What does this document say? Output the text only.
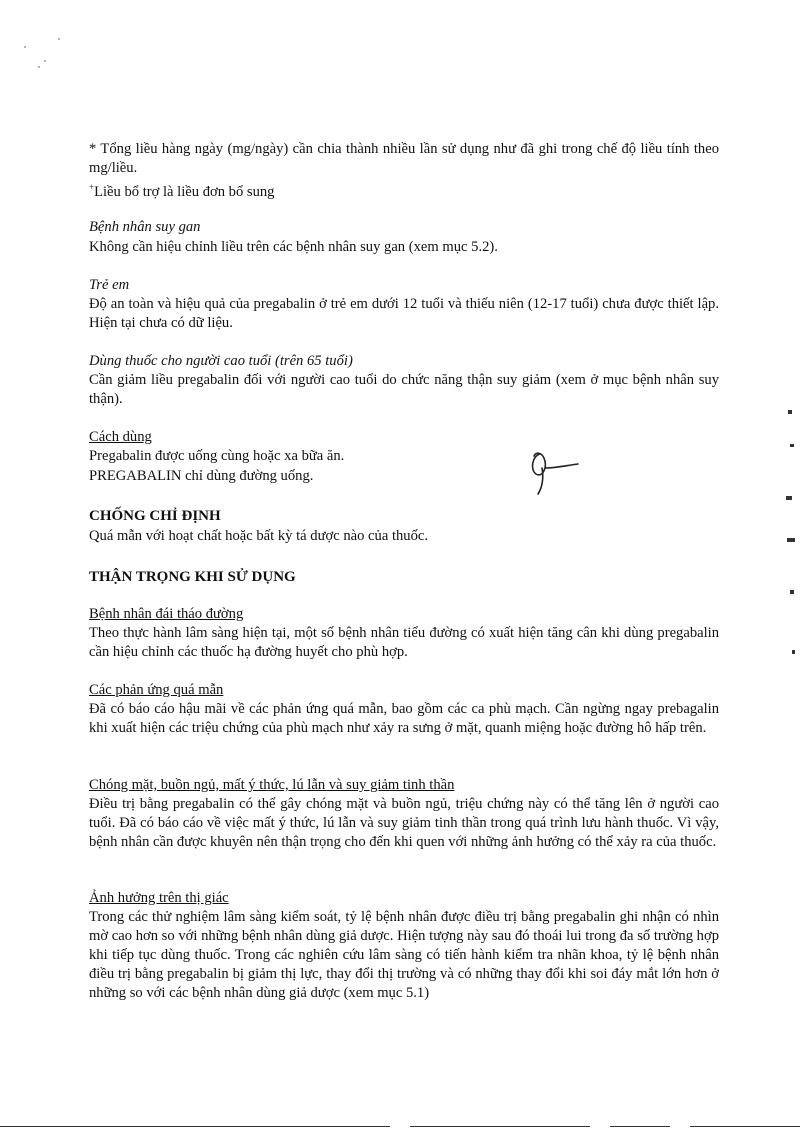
* Tổng liều hàng ngày (mg/ngày) cần chia thành nhiều lần sử dụng như đã ghi trong chế độ liều tính theo mg/liều.

+Liều bổ trợ là liều đơn bổ sung

Bệnh nhân suy gan

Không cần hiệu chỉnh liều trên các bệnh nhân suy gan (xem mục 5.2).

Trẻ em

Độ an toàn và hiệu quả của pregabalin ở trẻ em dưới 12 tuổi và thiếu niên (12-17 tuổi) chưa được thiết lập. Hiện tại chưa có dữ liệu.

Dùng thuốc cho người cao tuổi (trên 65 tuổi)

Cần giảm liều pregabalin đối với người cao tuổi do chức năng thận suy giảm (xem ở mục bệnh nhân suy thận).

Cách dùng

Pregabalin được uống cùng hoặc xa bữa ăn.

PREGABALIN chỉ dùng đường uống.

CHỐNG CHỈ ĐỊNH

Quá mẫn với hoạt chất hoặc bất kỳ tá dược nào của thuốc.

THẬN TRỌNG KHI SỬ DỤNG

Bệnh nhân đái tháo đường

Theo thực hành lâm sàng hiện tại, một số bệnh nhân tiểu đường có xuất hiện tăng cân khi dùng pregabalin cần hiệu chỉnh các thuốc hạ đường huyết cho phù hợp.

Các phản ứng quá mẫn

Đã có báo cáo hậu mãi về các phản ứng quá mẫn, bao gồm các ca phù mạch. Cần ngừng ngay prebagalin khi xuất hiện các triệu chứng của phù mạch như xảy ra sưng ở mặt, quanh miệng hoặc đường hô hấp trên.

Chóng mặt, buồn ngủ, mất ý thức, lú lẫn và suy giảm tinh thần

Điều trị bằng pregabalin có thể gây chóng mặt và buồn ngủ, triệu chứng này có thể tăng lên ở người cao tuổi. Đã có báo cáo về việc mất ý thức, lú lẫn và suy giảm tinh thần trong quá trình lưu hành thuốc. Vì vậy, bệnh nhân cần được khuyên nên thận trọng cho đến khi quen với những ảnh hưởng có thể xảy ra của thuốc.

Ảnh hưởng trên thị giác

Trong các thử nghiệm lâm sàng kiểm soát, tỷ lệ bệnh nhân được điều trị bằng pregabalin ghi nhận có nhìn mờ cao hơn so với những bệnh nhân dùng giả dược. Hiện tượng này sau đó thoái lui trong đa số trường hợp khi tiếp tục dùng thuốc. Trong các nghiên cứu lâm sàng có tiến hành kiểm tra nhãn khoa, tỷ lệ bệnh nhân điều trị bằng pregabalin bị giảm thị lực, thay đổi thị trường và có những thay đổi khi soi đáy mắt lớn hơn ở những so với các bệnh nhân dùng giả dược (xem mục 5.1)
